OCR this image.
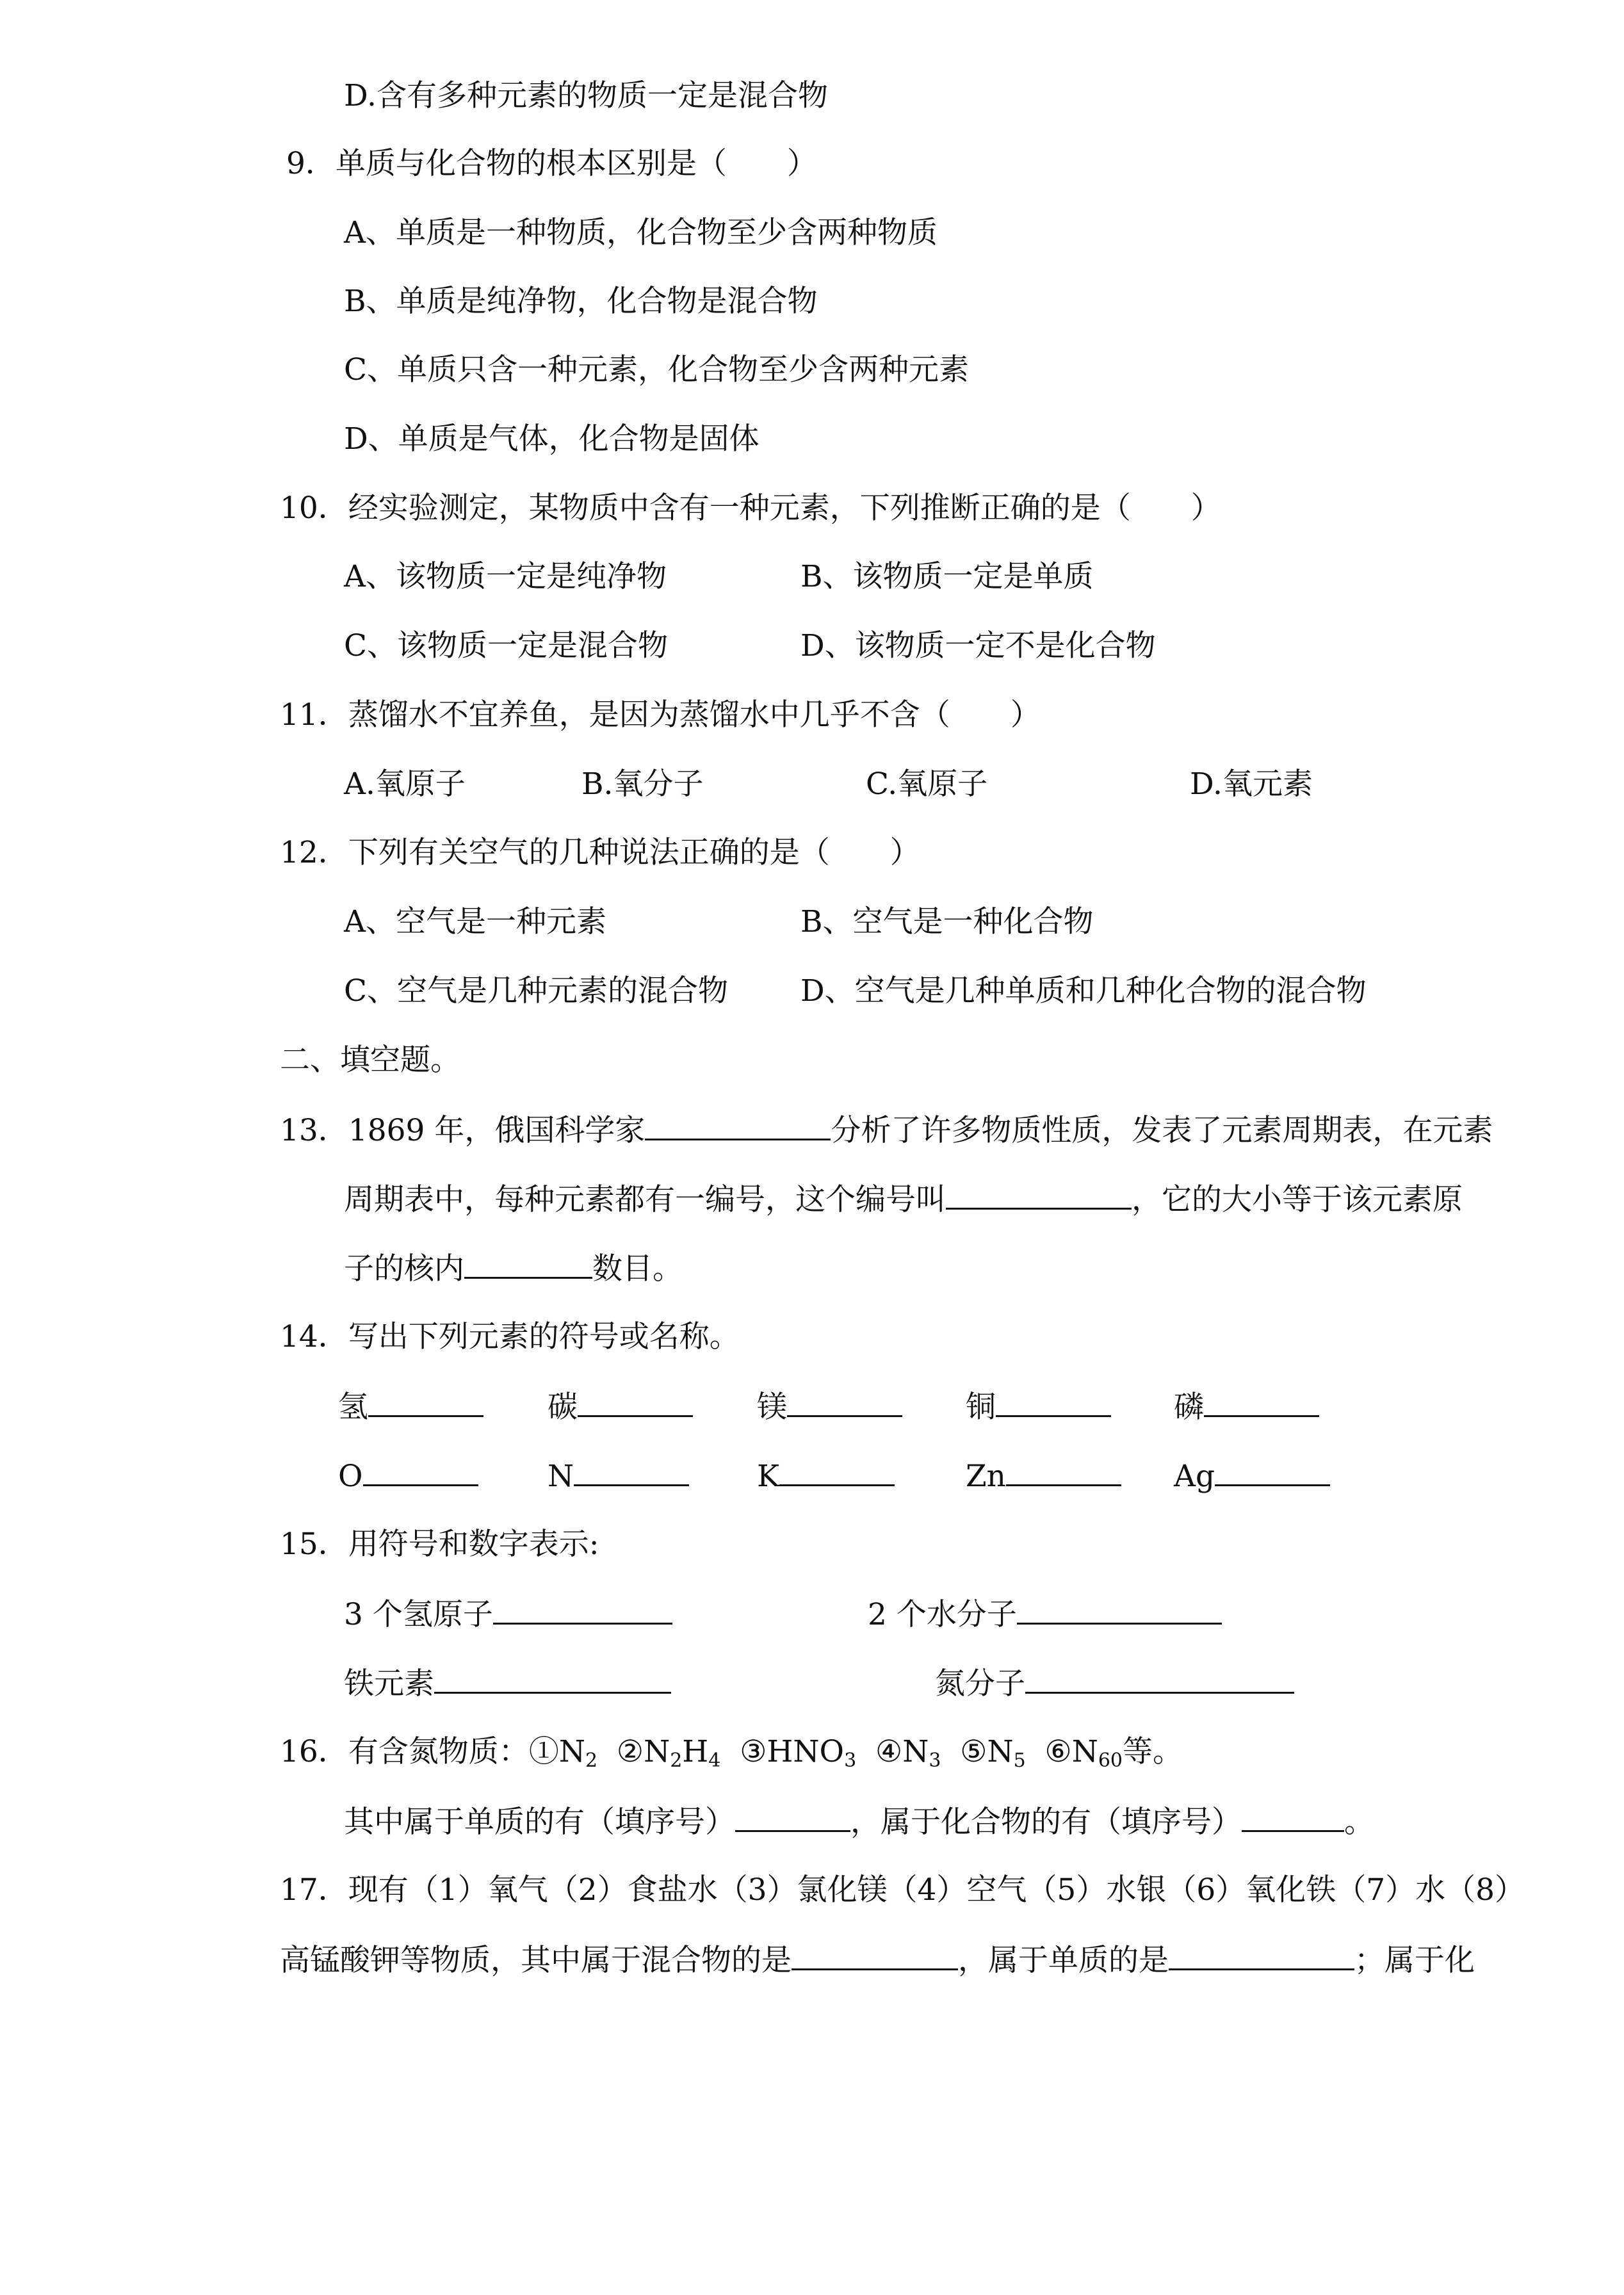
D.含有多种元素的物质一定是混合物
9．单质与化合物的根本区别是（　　）
A、单质是一种物质，化合物至少含两种物质
B、单质是纯净物，化合物是混合物
C、单质只含一种元素，化合物至少含两种元素
D、单质是气体，化合物是固体
10．经实验测定，某物质中含有一种元素，下列推断正确的是（　　）
A、该物质一定是纯净物	B、该物质一定是单质
C、该物质一定是混合物	D、该物质一定不是化合物
11．蒸馏水不宜养鱼，是因为蒸馏水中几乎不含（　　）
A.氧原子	B.氧分子	C.氧原子	D.氧元素
12．下列有关空气的几种说法正确的是（　　）
A、空气是一种元素	B、空气是一种化合物
C、空气是几种元素的混合物 D、空气是几种单质和几种化合物的混合物
二、填空题。
13．1869 年，俄国科学家	分析了许多物质性质，发表了元素周期表，在元素
周期表中，每种元素都有一编号，这个编号叫	，它的大小等于该元素原
子的核内	数目。
14．写出下列元素的符号或名称。
氢	碳	镁	铜	磷
O	N	K	Zn	Ag
15．用符号和数字表示:
3 个氢原子	2 个水分子
铁元素	氮分子
16．有含氮物质：$①N_2$ $②N_2H_4$ $③HNO_3$ $④N_3$ $⑤N_5$ $⑥N_{60}$等。
其中属于单质的有（填序号）	，属于化合物的有（填序号）	。
17．现有（1）氧气（2）食盐水（3）氯化镁（4）空气（5）水银（6）氧化铁（7）水（8）
高锰酸钾等物质，其中属于混合物的是	，属于单质的是	；属于化
